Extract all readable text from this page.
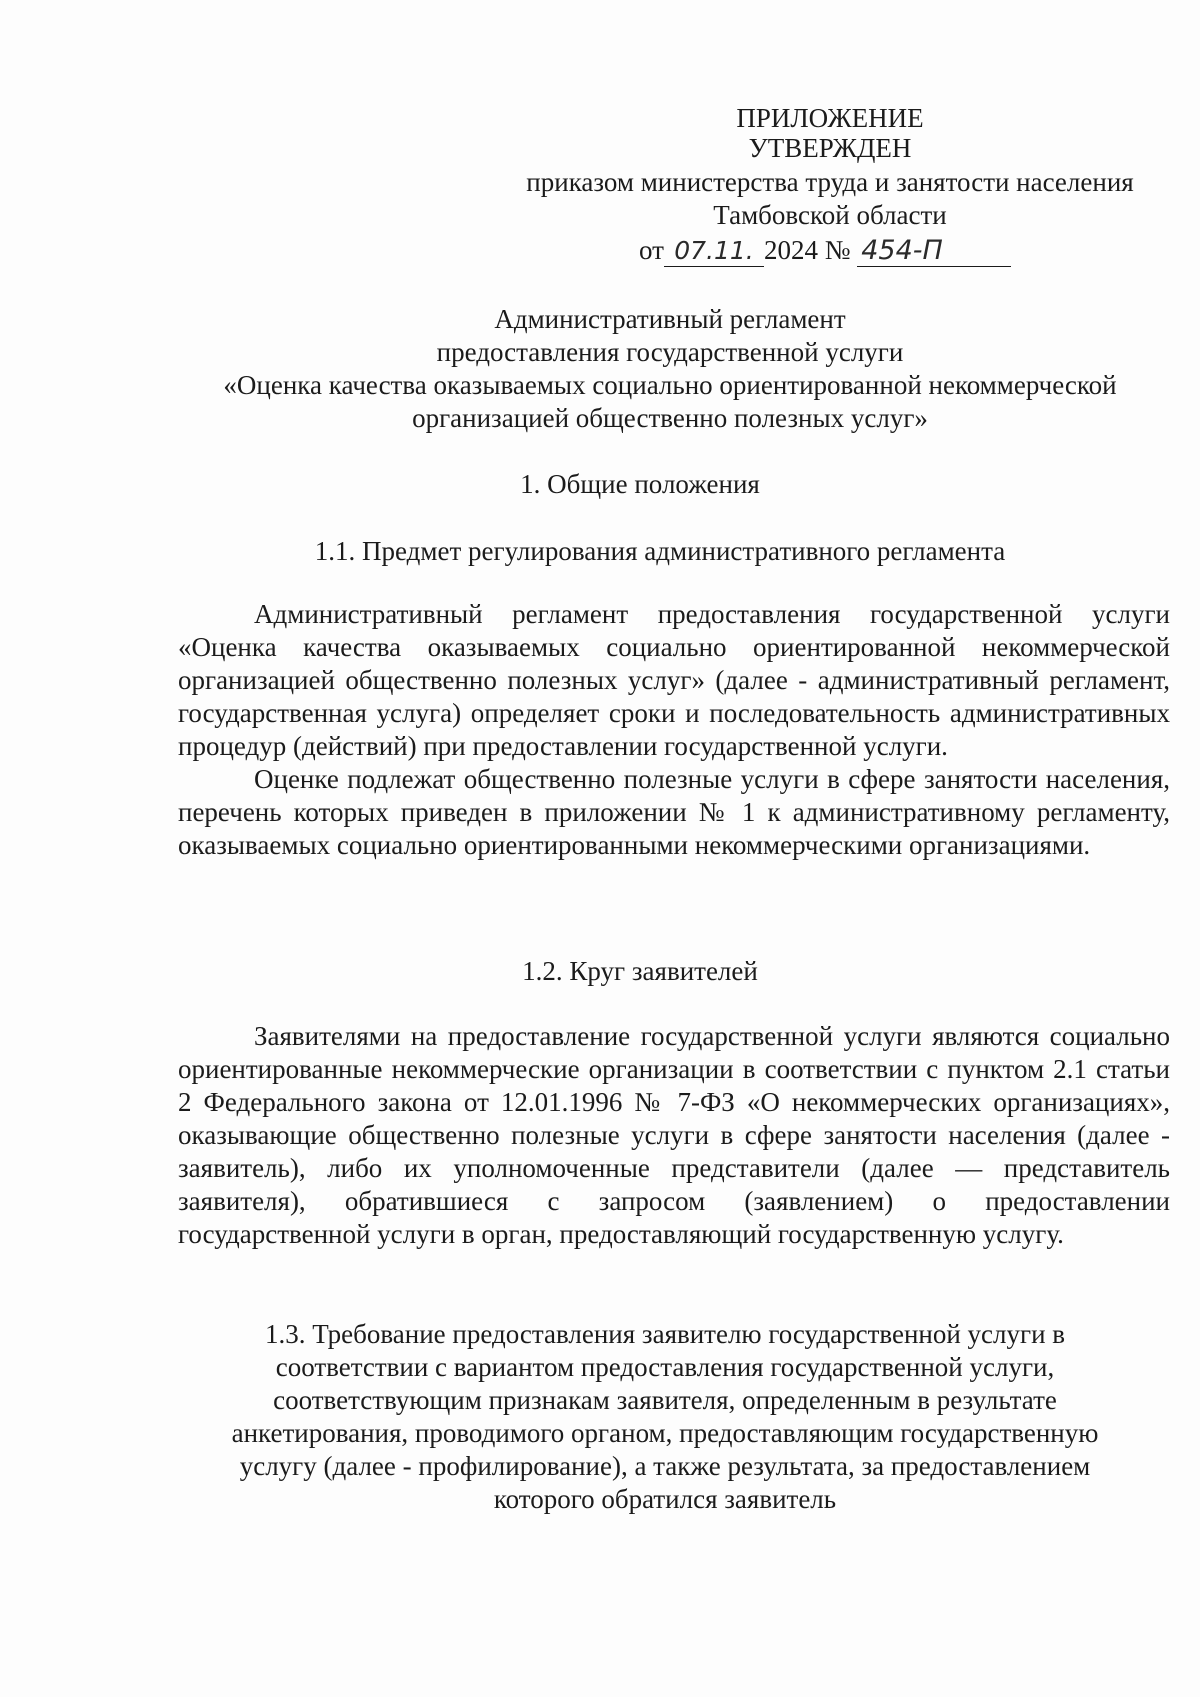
ПРИЛОЖЕНИЕ
УТВЕРЖДЕН
приказом министерства труда и занятости населения
Тамбовской области
от 07.11. 2024 № 454-П
Административный регламент
предоставления государственной услуги
«Оценка качества оказываемых социально ориентированной некоммерческой
организацией общественно полезных услуг»
1. Общие положения
1.1. Предмет регулирования административного регламента

Административный регламент предоставления государственной услуги «Оценка качества оказываемых социально ориентированной некоммерческой организацией общественно полезных услуг» (далее - административный регламент, государственная услуга) определяет сроки и последовательность административных процедур (действий) при предоставлении государственной услуги.

Оценке подлежат общественно полезные услуги в сфере занятости населения, перечень которых приведен в приложении № 1 к административному регламенту, оказываемых социально ориентированными некоммерческими организациями.

1.2. Круг заявителей

Заявителями на предоставление государственной услуги являются социально ориентированные некоммерческие организации в соответствии с пунктом 2.1 статьи 2 Федерального закона от 12.01.1996 № 7-ФЗ «О некоммерческих организациях», оказывающие общественно полезные услуги в сфере занятости населения (далее - заявитель), либо их уполномоченные представители (далее — представитель заявителя), обратившиеся с запросом (заявлением) о предоставлении государственной услуги в орган, предоставляющий государственную услугу.

1.3. Требование предоставления заявителю государственной услуги в
соответствии с вариантом предоставления государственной услуги,
соответствующим признакам заявителя, определенным в результате
анкетирования, проводимого органом, предоставляющим государственную
услугу (далее - профилирование), а также результата, за предоставлением
которого обратился заявитель
